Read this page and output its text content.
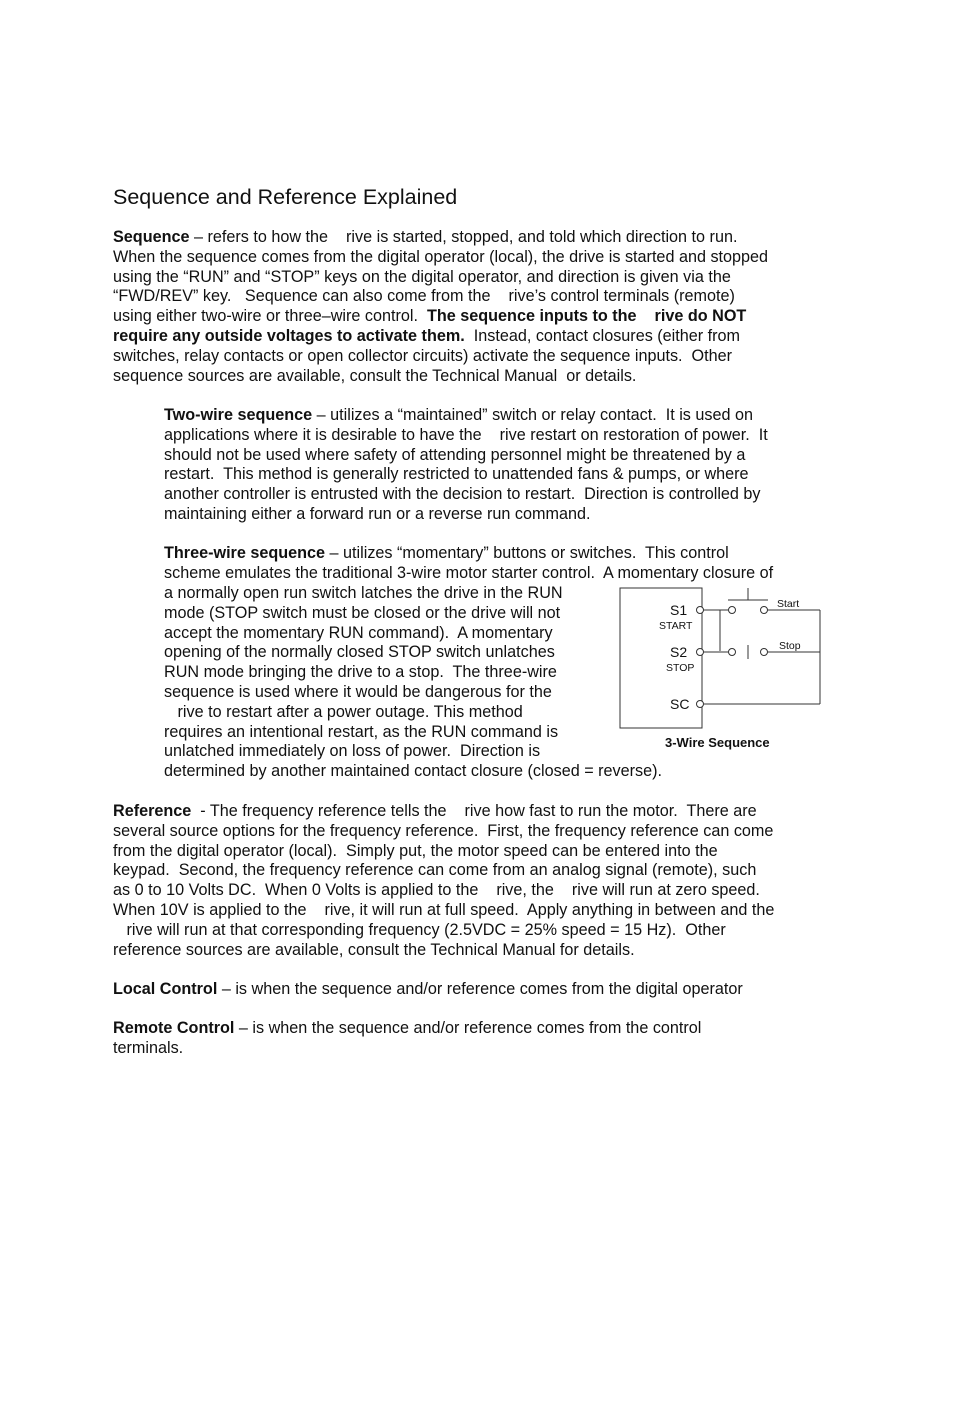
Sequence and Reference Explained
Sequence – refers to how the    rive is started, stopped, and told which direction to run.
When the sequence comes from the digital operator (local), the drive is started and stopped
using the “RUN” and “STOP” keys on the digital operator, and direction is given via the
“FWD/REV” key.   Sequence can also come from the    rive’s control terminals (remote)
using either two-wire or three–wire control.  The sequence inputs to the    rive do NOT
require any outside voltages to activate them.  Instead, contact closures (either from
switches, relay contacts or open collector circuits) activate the sequence inputs.  Other
sequence sources are available, consult the Technical Manual  or details.
Two-wire sequence – utilizes a “maintained” switch or relay contact.  It is used on
applications where it is desirable to have the    rive restart on restoration of power.  It
should not be used where safety of attending personnel might be threatened by a
restart.  This method is generally restricted to unattended fans & pumps, or where
another controller is entrusted with the decision to restart.  Direction is controlled by
maintaining either a forward run or a reverse run command.
Three-wire sequence – utilizes “momentary” buttons or switches.  This control
scheme emulates the traditional 3-wire motor starter control.  A momentary closure of
a normally open run switch latches the drive in the RUN
mode (STOP switch must be closed or the drive will not
accept the momentary RUN command).  A momentary
opening of the normally closed STOP switch unlatches
RUN mode bringing the drive to a stop.  The three-wire
sequence is used where it would be dangerous for the
rive to restart after a power outage. This method
requires an intentional restart, as the RUN command is
unlatched immediately on loss of power.  Direction is
determined by another maintained contact closure (closed = reverse).
S1
START
Start
S2
STOP
Stop
SC
3-Wire Sequence
Reference  - The frequency reference tells the    rive how fast to run the motor.  There are
several source options for the frequency reference.  First, the frequency reference can come
from the digital operator (local).  Simply put, the motor speed can be entered into the
keypad.  Second, the frequency reference can come from an analog signal (remote), such
as 0 to 10 Volts DC.  When 0 Volts is applied to the    rive, the    rive will run at zero speed.
When 10V is applied to the    rive, it will run at full speed.  Apply anything in between and the
rive will run at that corresponding frequency (2.5VDC = 25% speed = 15 Hz).  Other
reference sources are available, consult the Technical Manual for details.
Local Control – is when the sequence and/or reference comes from the digital operator
Remote Control – is when the sequence and/or reference comes from the control
terminals.
